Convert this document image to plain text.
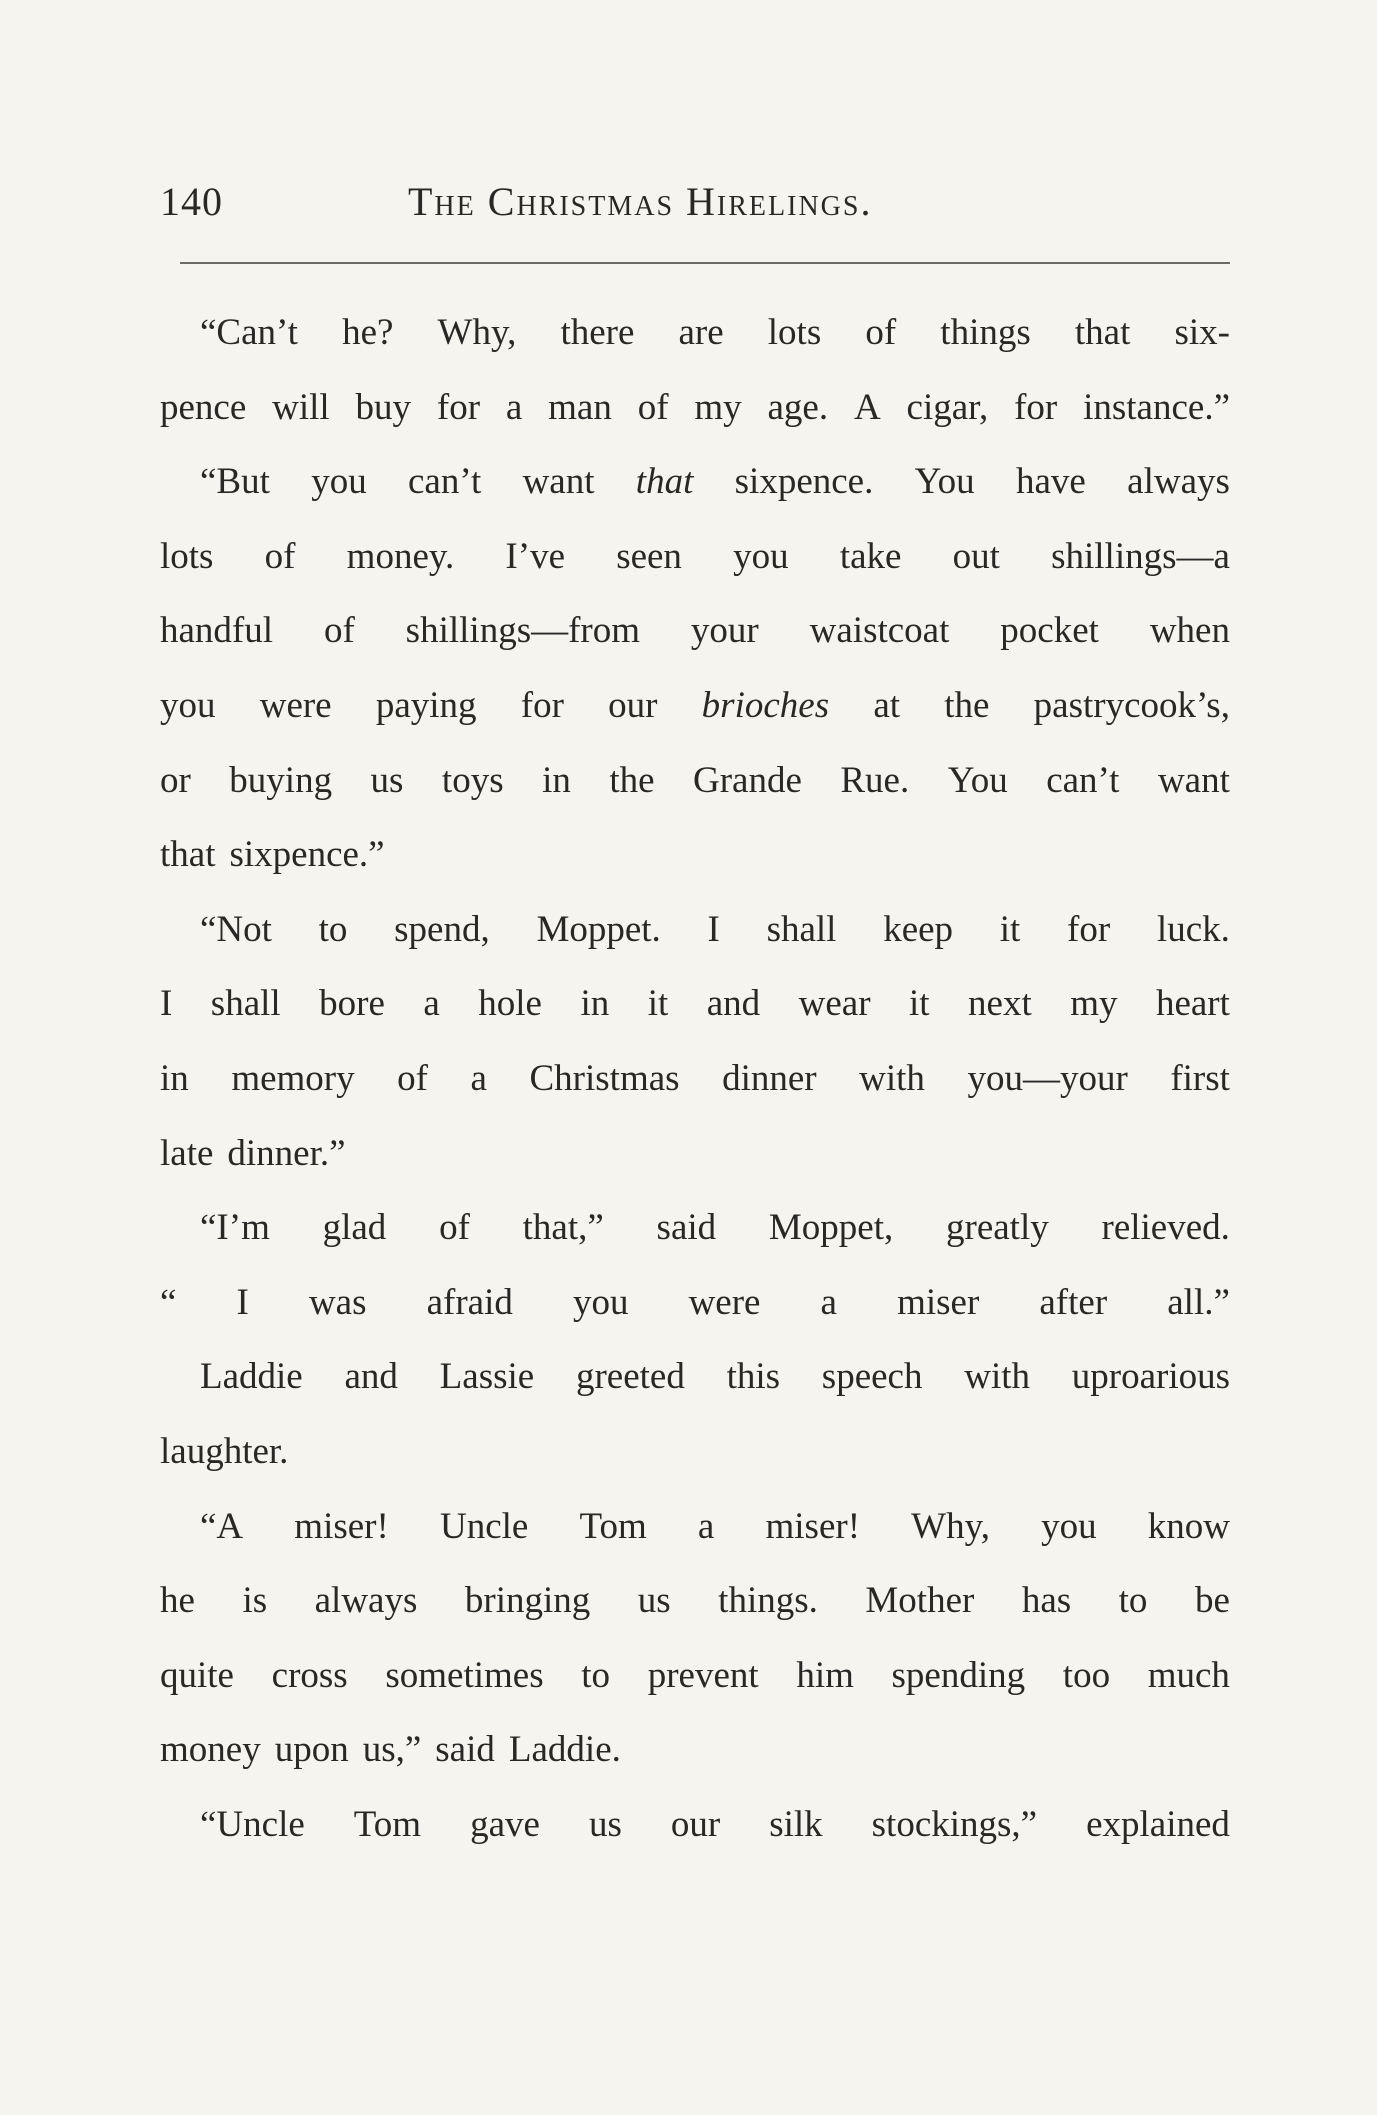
140	The Christmas Hirelings.
“Can’t he? Why, there are lots of things that six-
pence will buy for a man of my age. A cigar, for instance.”
“But you can’t want that sixpence. You have always
lots of money. I’ve seen you take out shillings—a
handful of shillings—from your waistcoat pocket when
you were paying for our brioches at the pastrycook’s,
or buying us toys in the Grande Rue. You can’t want
that sixpence.”
“Not to spend, Moppet. I shall keep it for luck.
I shall bore a hole in it and wear it next my heart
in memory of a Christmas dinner with you—your first
late dinner.”
“I’m glad of that,” said Moppet, greatly relieved.
“ I was afraid you were a miser after all.”
Laddie and Lassie greeted this speech with uproarious
laughter.
“A miser! Uncle Tom a miser! Why, you know
he is always bringing us things. Mother has to be
quite cross sometimes to prevent him spending too much
money upon us,” said Laddie.
“Uncle Tom gave us our silk stockings,” explained
